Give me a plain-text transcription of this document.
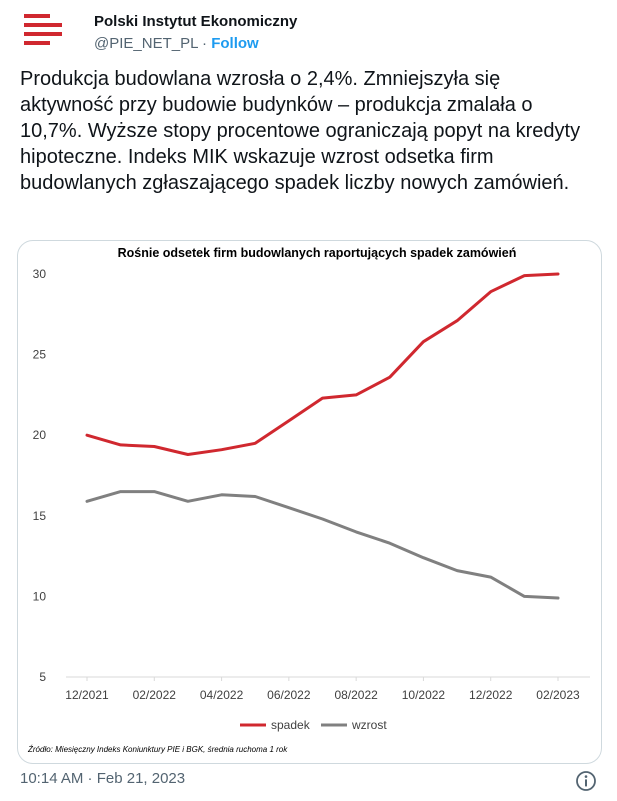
Polski Instytut Ekonomiczny
@PIE_NET_PL · Follow
Produkcja budowlana wzrosła o 2,4%. Zmniejszyła się aktywność przy budowie budynków – produkcja zmalała o 10,7%. Wyższe stopy procentowe ograniczają popyt na kredyty hipoteczne. Indeks MIK wskazuje wzrost odsetka firm budowlanych zgłaszającego spadek liczby nowych zamówień.
Rośnie odsetek firm budowlanych raportujących spadek zamówień
5
10
15
20
25
30
12/2021 02/2022 04/2022 06/2022 08/2022 10/2022 12/2022 02/2023
spadek	wzrost
Źródło: Miesięczny Indeks Koniunktury PIE i BGK, średnia ruchoma 1 rok
10:14 AM · Feb 21, 2023
